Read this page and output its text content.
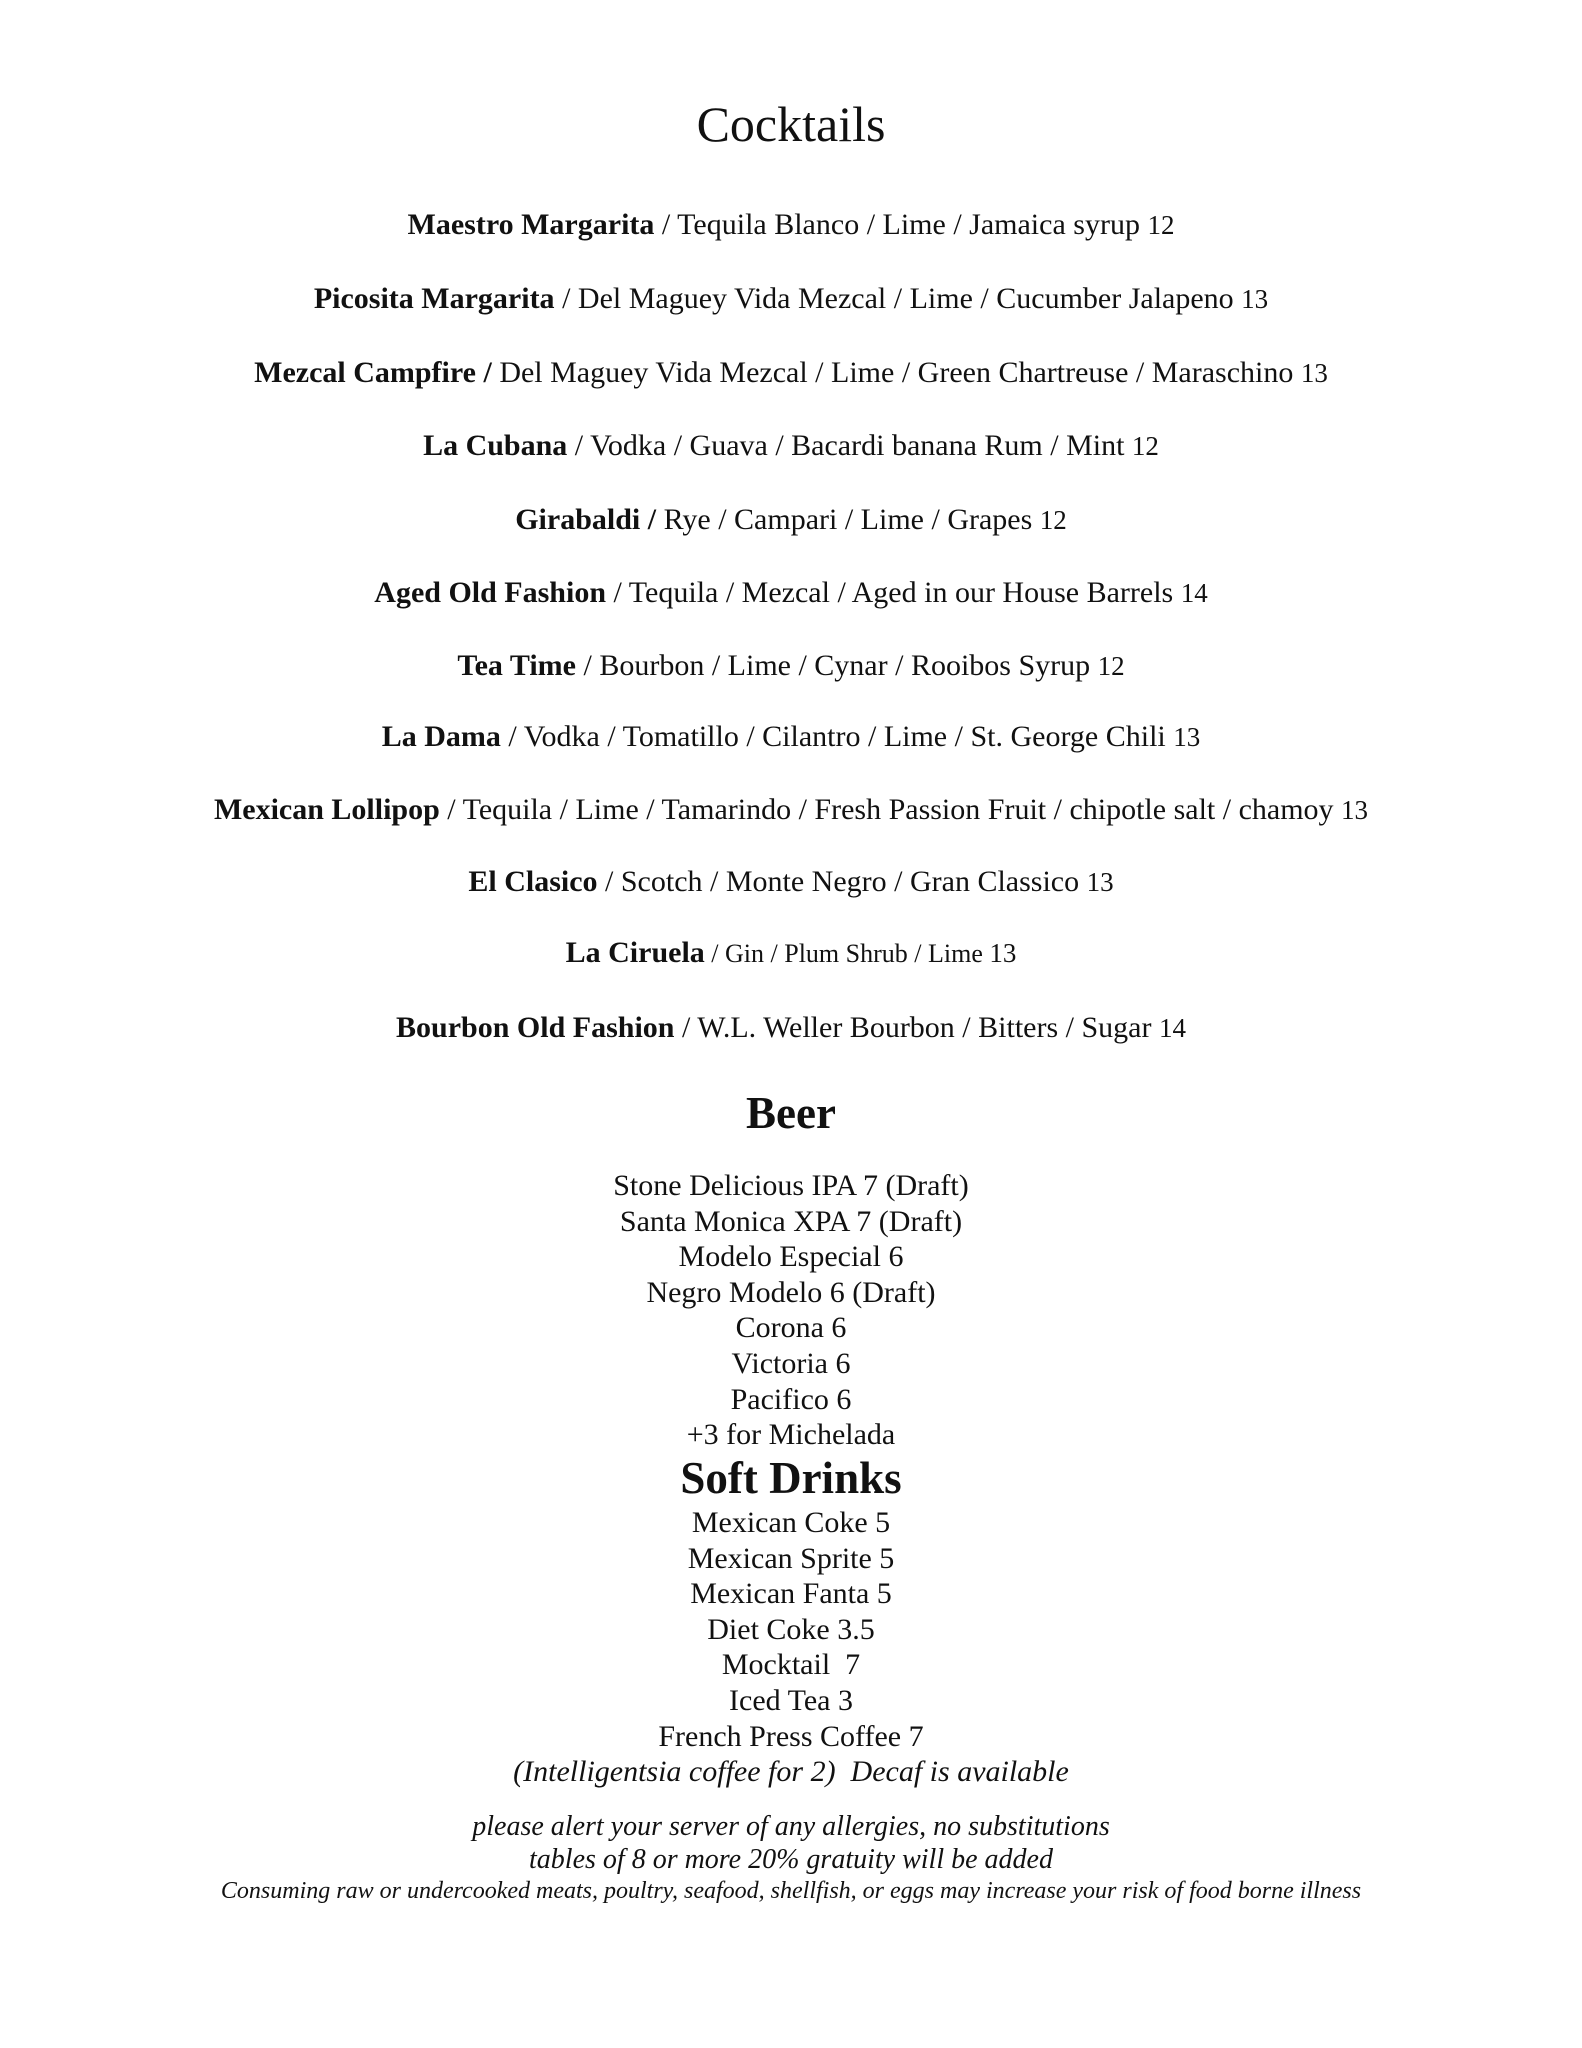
Cocktails
Maestro Margarita / Tequila Blanco / Lime / Jamaica syrup 12
Picosita Margarita / Del Maguey Vida Mezcal / Lime / Cucumber Jalapeno 13
Mezcal Campfire / Del Maguey Vida Mezcal / Lime / Green Chartreuse / Maraschino 13
La Cubana / Vodka / Guava / Bacardi banana Rum / Mint 12
Girabaldi / Rye / Campari / Lime / Grapes 12
Aged Old Fashion / Tequila / Mezcal / Aged in our House Barrels 14
Tea Time / Bourbon / Lime / Cynar / Rooibos Syrup 12
La Dama / Vodka / Tomatillo / Cilantro / Lime / St. George Chili 13
Mexican Lollipop / Tequila / Lime / Tamarindo / Fresh Passion Fruit / chipotle salt / chamoy 13
El Clasico / Scotch / Monte Negro / Gran Classico 13
La Ciruela / Gin / Plum Shrub / Lime 13
Bourbon Old Fashion / W.L. Weller Bourbon / Bitters / Sugar 14
Beer
Stone Delicious IPA 7 (Draft)
Santa Monica XPA 7 (Draft)
Modelo Especial 6
Negro Modelo 6 (Draft)
Corona 6
Victoria 6
Pacifico 6
+3 for Michelada
Soft Drinks
Mexican Coke 5
Mexican Sprite 5
Mexican Fanta 5
Diet Coke 3.5
Mocktail  7
Iced Tea 3
French Press Coffee 7
(Intelligentsia coffee for 2)  Decaf is available
please alert your server of any allergies, no substitutions
tables of 8 or more 20% gratuity will be added
Consuming raw or undercooked meats, poultry, seafood, shellfish, or eggs may increase your risk of food borne illness
